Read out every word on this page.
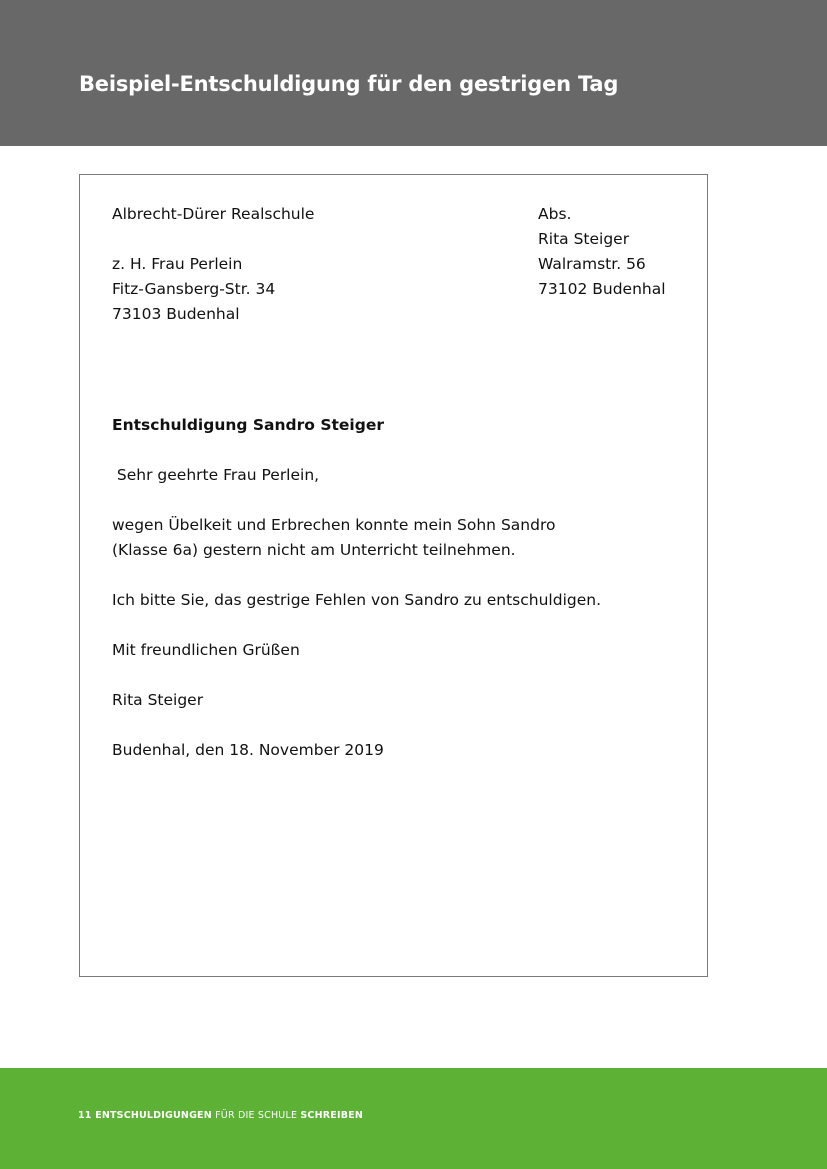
Beispiel-Entschuldigung für den gestrigen Tag
Albrecht-Dürer Realschule
z. H. Frau Perlein
Fitz-Gansberg-Str. 34
73103 Budenhal
Abs.
Rita Steiger
Walramstr. 56
73102 Budenhal
Entschuldigung Sandro Steiger
Sehr geehrte Frau Perlein,
wegen Übelkeit und Erbrechen konnte mein Sohn Sandro
(Klasse 6a) gestern nicht am Unterricht teilnehmen.
Ich bitte Sie, das gestrige Fehlen von Sandro zu entschuldigen.
Mit freundlichen Grüßen
Rita Steiger
Budenhal, den 18. November 2019
11 ENTSCHULDIGUNGEN FÜR DIE SCHULE SCHREIBEN
